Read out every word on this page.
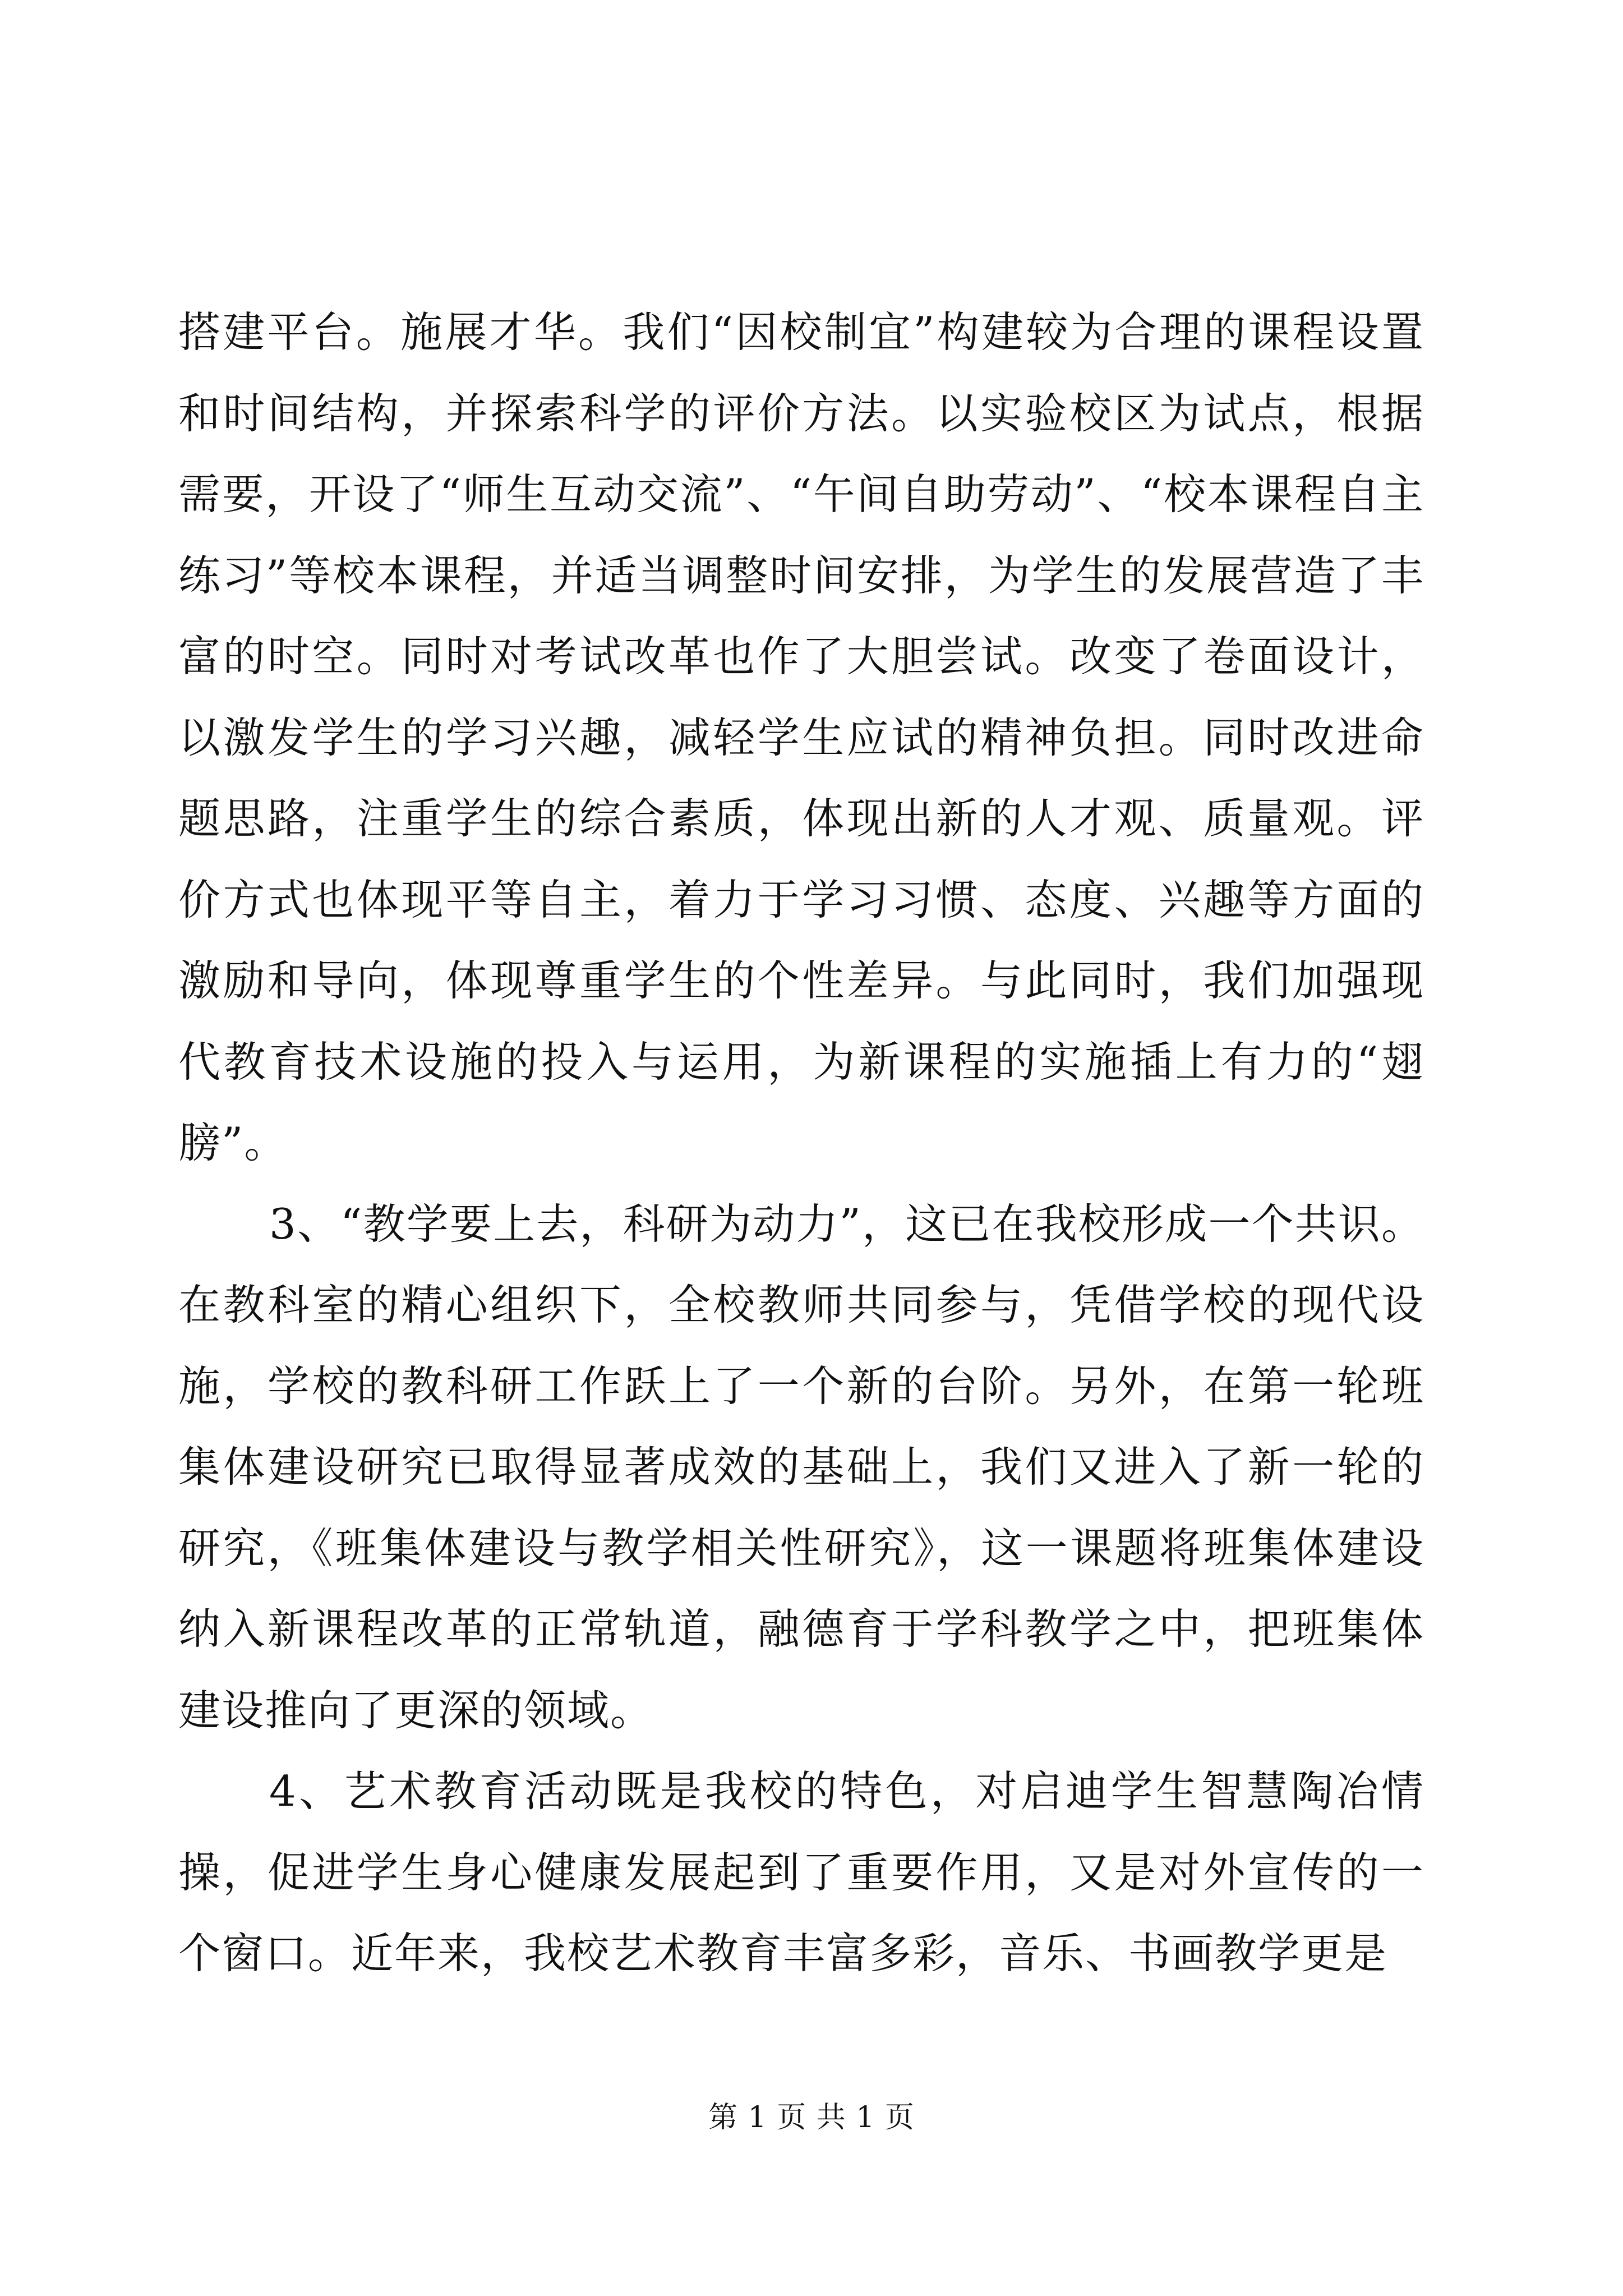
搭建平台。施展才华。我们“因校制宜”构建较为合理的课程设置和时间结构，并探索科学的评价方法。以实验校区为试点，根据需要，开设了“师生互动交流”、“午间自助劳动”、“校本课程自主练习”等校本课程，并适当调整时间安排，为学生的发展营造了丰富的时空。同时对考试改革也作了大胆尝试。改变了卷面设计，以激发学生的学习兴趣，减轻学生应试的精神负担。同时改进命题思路，注重学生的综合素质，体现出新的人才观、质量观。评价方式也体现平等自主，着力于学习习惯、态度、兴趣等方面的激励和导向，体现尊重学生的个性差异。与此同时，我们加强现代教育技术设施的投入与运用，为新课程的实施插上有力的“翅膀”。

3、“教学要上去，科研为动力”，这已在我校形成一个共识。在教科室的精心组织下，全校教师共同参与，凭借学校的现代设施，学校的教科研工作跃上了一个新的台阶。另外，在第一轮班集体建设研究已取得显著成效的基础上，我们又进入了新一轮的研究，《班集体建设与教学相关性研究》，这一课题将班集体建设纳入新课程改革的正常轨道，融德育于学科教学之中，把班集体建设推向了更深的领域。

4、艺术教育活动既是我校的特色，对启迪学生智慧陶冶情操，促进学生身心健康发展起到了重要作用，又是对外宣传的一个窗口。近年来，我校艺术教育丰富多彩，音乐、书画教学更是

第 1 页 共 1 页
